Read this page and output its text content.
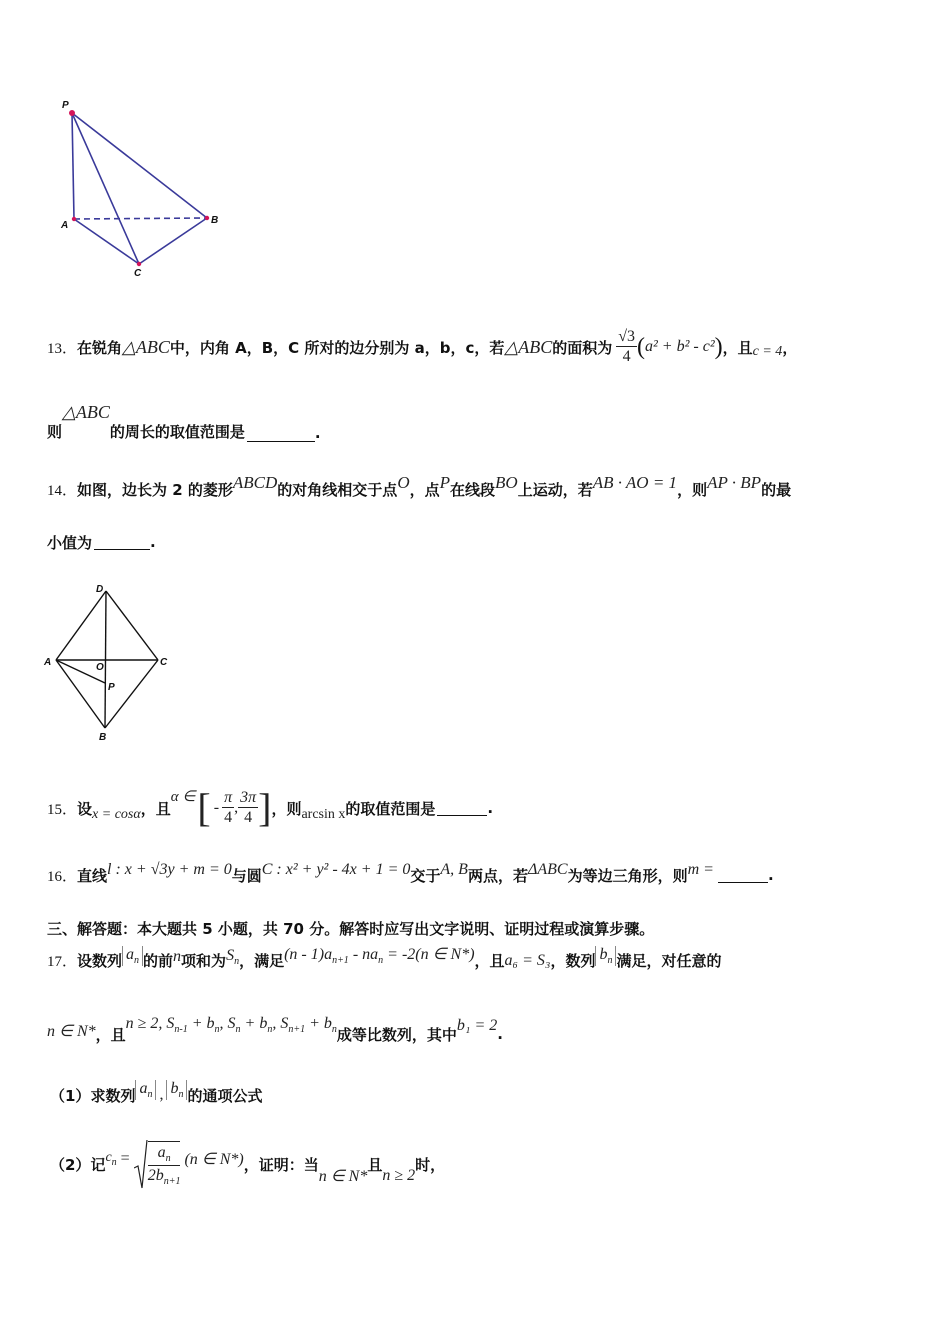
P
A	B
C
13． 在锐角 △ABC 中，内角 A，B，C 所对的边分别为 a，b，c，若 △ABC 的面积为 $\frac{√3}{4}$ ( a² + b² - c² ) ，且 c = 4 ，
则
△ABC
的周长的取值范围是	.
14． 如图，边长为 2 的菱形 ABCD 的对角线相交于点 O ，点 P 在线段 BO 上运动，若 AB · AO = 1 ，则 AP · BP 的最
小值为	.
D
A	O	C
P
B
15． 设 x = cosα ，且
α ∈ [ - $\frac{\pi}{4}$ , $\frac{3\pi}{4}$ ] ，则 arcsin x 的取值范围是	.
16． 直线 l : x + √3y + m = 0 与圆 C : x² + y² - 4x + 1 = 0 交于 A, B 两点，若 ΔABC 为等边三角形，则 m =	.
三、解答题：本大题共 5 小题，共 70 分。解答时应写出文字说明、证明过程或演算步骤。
17． 设数列 $a_n$ 的前 n 项和为 $S_n$ ，满足 $(n - 1)a_{n+1} - na_n = -2(n$ ∈ N*) ，且 a₆ = S₃ ，数列 $b_n$ 满足，对任意的
n ∈ N* ，且
n ≥ 2, $S_{n-1} + b_n$, $S_n + b_n$, $S_{n+1} + b_n$ 成等比数列，其中 b₁ = 2 .
（1） 求数列 $a_n$ , $b_n$ 的通项公式
（2） 记 $c_n = \frac{a_n}{2b_{n+1}} (n$ ∈ N*) ，证明：当
n ∈ N*
且
n ≥ 2
时，
